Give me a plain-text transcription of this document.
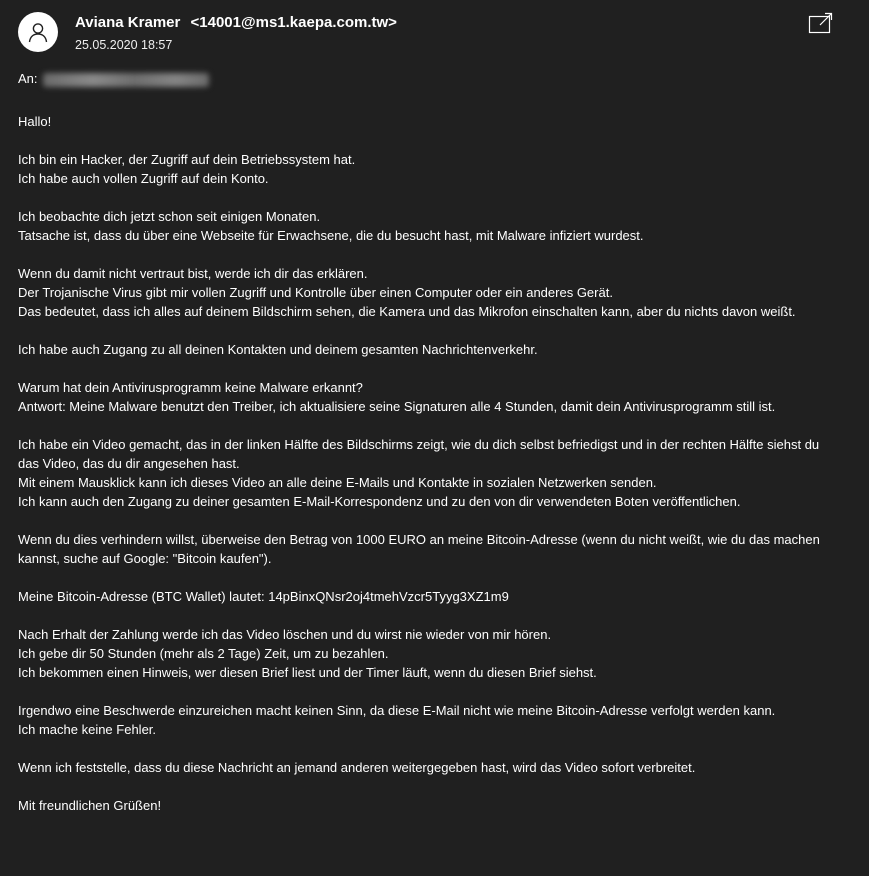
Aviana Kramer <14001@ms1.kaepa.com.tw>
25.05.2020 18:57
An:
Hallo!
Ich bin ein Hacker, der Zugriff auf dein Betriebssystem hat.
Ich habe auch vollen Zugriff auf dein Konto.
Ich beobachte dich jetzt schon seit einigen Monaten.
Tatsache ist, dass du über eine Webseite für Erwachsene, die du besucht hast, mit Malware infiziert wurdest.
Wenn du damit nicht vertraut bist, werde ich dir das erklären.
Der Trojanische Virus gibt mir vollen Zugriff und Kontrolle über einen Computer oder ein anderes Gerät.
Das bedeutet, dass ich alles auf deinem Bildschirm sehen, die Kamera und das Mikrofon einschalten kann, aber du nichts davon weißt.
Ich habe auch Zugang zu all deinen Kontakten und deinem gesamten Nachrichtenverkehr.
Warum hat dein Antivirusprogramm keine Malware erkannt?
Antwort: Meine Malware benutzt den Treiber, ich aktualisiere seine Signaturen alle 4 Stunden, damit dein Antivirusprogramm still ist.
Ich habe ein Video gemacht, das in der linken Hälfte des Bildschirms zeigt, wie du dich selbst befriedigst und in der rechten Hälfte siehst du
das Video, das du dir angesehen hast.
Mit einem Mausklick kann ich dieses Video an alle deine E-Mails und Kontakte in sozialen Netzwerken senden.
Ich kann auch den Zugang zu deiner gesamten E-Mail-Korrespondenz und zu den von dir verwendeten Boten veröffentlichen.
Wenn du dies verhindern willst, überweise den Betrag von 1000 EURO an meine Bitcoin-Adresse (wenn du nicht weißt, wie du das machen
kannst, suche auf Google: "Bitcoin kaufen").
Meine Bitcoin-Adresse (BTC Wallet) lautet: 14pBinxQNsr2oj4tmehVzcr5Tyyg3XZ1m9
Nach Erhalt der Zahlung werde ich das Video löschen und du wirst nie wieder von mir hören.
Ich gebe dir 50 Stunden (mehr als 2 Tage) Zeit, um zu bezahlen.
Ich bekommen einen Hinweis, wer diesen Brief liest und der Timer läuft, wenn du diesen Brief siehst.
Irgendwo eine Beschwerde einzureichen macht keinen Sinn, da diese E-Mail nicht wie meine Bitcoin-Adresse verfolgt werden kann.
Ich mache keine Fehler.
Wenn ich feststelle, dass du diese Nachricht an jemand anderen weitergegeben hast, wird das Video sofort verbreitet.
Mit freundlichen Grüßen!
